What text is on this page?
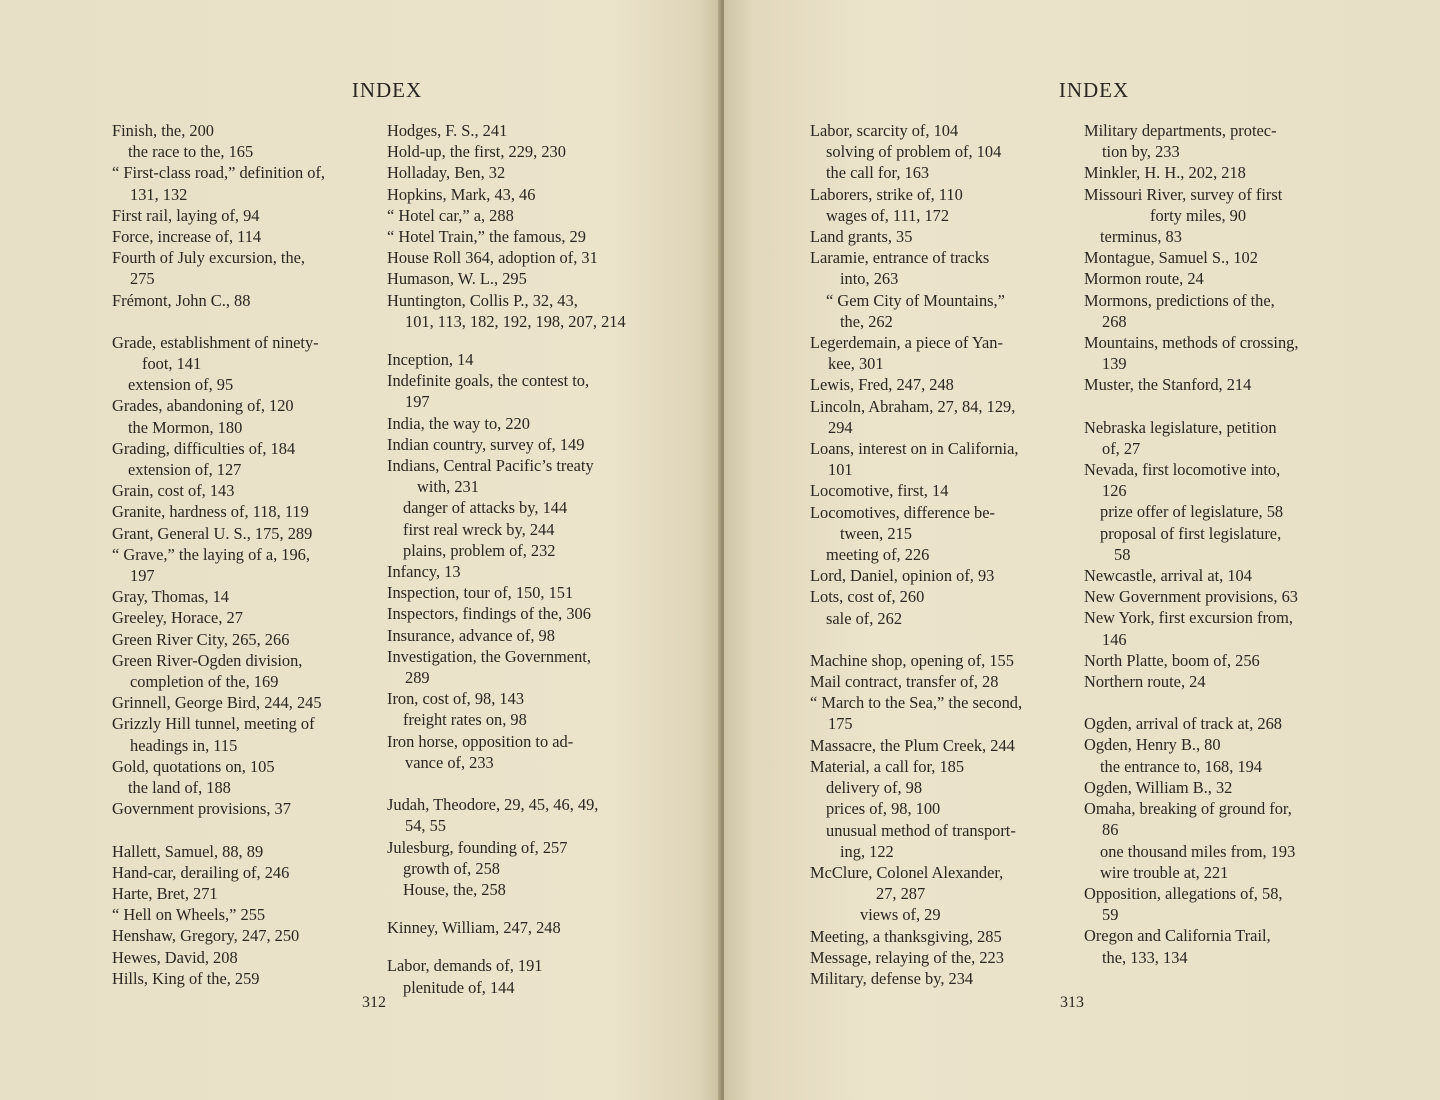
INDEX

Finish, the, 200

the race to the, 165

“ First-class road,” definition of,

131, 132

First rail, laying of, 94

Force, increase of, 114

Fourth of July excursion, the,

275

Frémont, John C., 88

Grade, establishment of ninety-

foot, 141

extension of, 95

Grades, abandoning of, 120

the Mormon, 180

Grading, difficulties of, 184

extension of, 127

Grain, cost of, 143

Granite, hardness of, 118, 119

Grant, General U. S., 175, 289

“ Grave,” the laying of a, 196,

197

Gray, Thomas, 14

Greeley, Horace, 27

Green River City, 265, 266

Green River-Ogden division,

completion of the, 169

Grinnell, George Bird, 244, 245

Grizzly Hill tunnel, meeting of

headings in, 115

Gold, quotations on, 105

the land of, 188

Government provisions, 37

Hallett, Samuel, 88, 89

Hand-car, derailing of, 246

Harte, Bret, 271

“ Hell on Wheels,” 255

Henshaw, Gregory, 247, 250

Hewes, David, 208

Hills, King of the, 259

Hodges, F. S., 241

Hold-up, the first, 229, 230

Holladay, Ben, 32

Hopkins, Mark, 43, 46

“ Hotel car,” a, 288

“ Hotel Train,” the famous, 29

House Roll 364, adoption of, 31

Humason, W. L., 295

Huntington, Collis P., 32, 43,

101, 113, 182, 192, 198, 207, 214

Inception, 14

Indefinite goals, the contest to,

197

India, the way to, 220

Indian country, survey of, 149

Indians, Central Pacific’s treaty

with, 231

danger of attacks by, 144

first real wreck by, 244

plains, problem of, 232

Infancy, 13

Inspection, tour of, 150, 151

Inspectors, findings of the, 306

Insurance, advance of, 98

Investigation, the Government,

289

Iron, cost of, 98, 143

freight rates on, 98

Iron horse, opposition to ad-

vance of, 233

Judah, Theodore, 29, 45, 46, 49,

54, 55

Julesburg, founding of, 257

growth of, 258

House, the, 258

Kinney, William, 247, 248

Labor, demands of, 191

plenitude of, 144

312
INDEX

Labor, scarcity of, 104

solving of problem of, 104

the call for, 163

Laborers, strike of, 110

wages of, 111, 172

Land grants, 35

Laramie, entrance of tracks

into, 263

“ Gem City of Mountains,”

the, 262

Legerdemain, a piece of Yan-

kee, 301

Lewis, Fred, 247, 248

Lincoln, Abraham, 27, 84, 129,

294

Loans, interest on in California,

101

Locomotive, first, 14

Locomotives, difference be-

tween, 215

meeting of, 226

Lord, Daniel, opinion of, 93

Lots, cost of, 260

sale of, 262

Machine shop, opening of, 155

Mail contract, transfer of, 28

“ March to the Sea,” the second,

175

Massacre, the Plum Creek, 244

Material, a call for, 185

delivery of, 98

prices of, 98, 100

unusual method of transport-

ing, 122

McClure, Colonel Alexander,

27, 287

views of, 29

Meeting, a thanksgiving, 285

Message, relaying of the, 223

Military, defense by, 234

Military departments, protec-

tion by, 233

Minkler, H. H., 202, 218

Missouri River, survey of first

forty miles, 90

terminus, 83

Montague, Samuel S., 102

Mormon route, 24

Mormons, predictions of the,

268

Mountains, methods of crossing,

139

Muster, the Stanford, 214

Nebraska legislature, petition

of, 27

Nevada, first locomotive into,

126

prize offer of legislature, 58

proposal of first legislature,

58

Newcastle, arrival at, 104

New Government provisions, 63

New York, first excursion from,

146

North Platte, boom of, 256

Northern route, 24

Ogden, arrival of track at, 268

Ogden, Henry B., 80

the entrance to, 168, 194

Ogden, William B., 32

Omaha, breaking of ground for,

86

one thousand miles from, 193

wire trouble at, 221

Opposition, allegations of, 58,

59

Oregon and California Trail,

the, 133, 134

313
